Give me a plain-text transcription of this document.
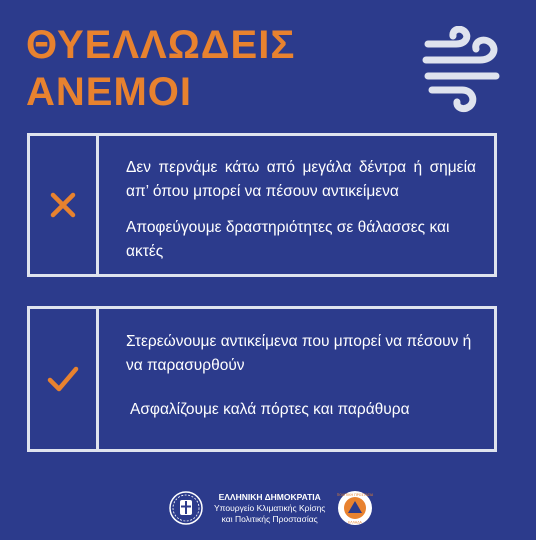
ΘΥΕΛΛΩΔΕΙΣ
ΑΝΕΜΟΙ

Δεν περνάμε κάτω από μεγάλα δέντρα ή σημεία απ’ όπου μπορεί να πέσουν αντικείμενα

Αποφεύγουμε δραστηριότητες σε θάλασσες και ακτές

Στερεώνουμε αντικείμενα που μπορεί να πέσουν ή να παρασυρθούν

Ασφαλίζουμε καλά πόρτες και παράθυρα

ΕΛΛΗΝΙΚΗ ΔΗΜΟΚΡΑΤΙΑ
Υπουργείο Κλιματικής Κρίσης
και Πολιτικής Προστασίας
ΠΟΛΙΤΙΚΗ ΠΡΟΣΤΑΣΙΑ
ΕΛΛΑΔΑ
